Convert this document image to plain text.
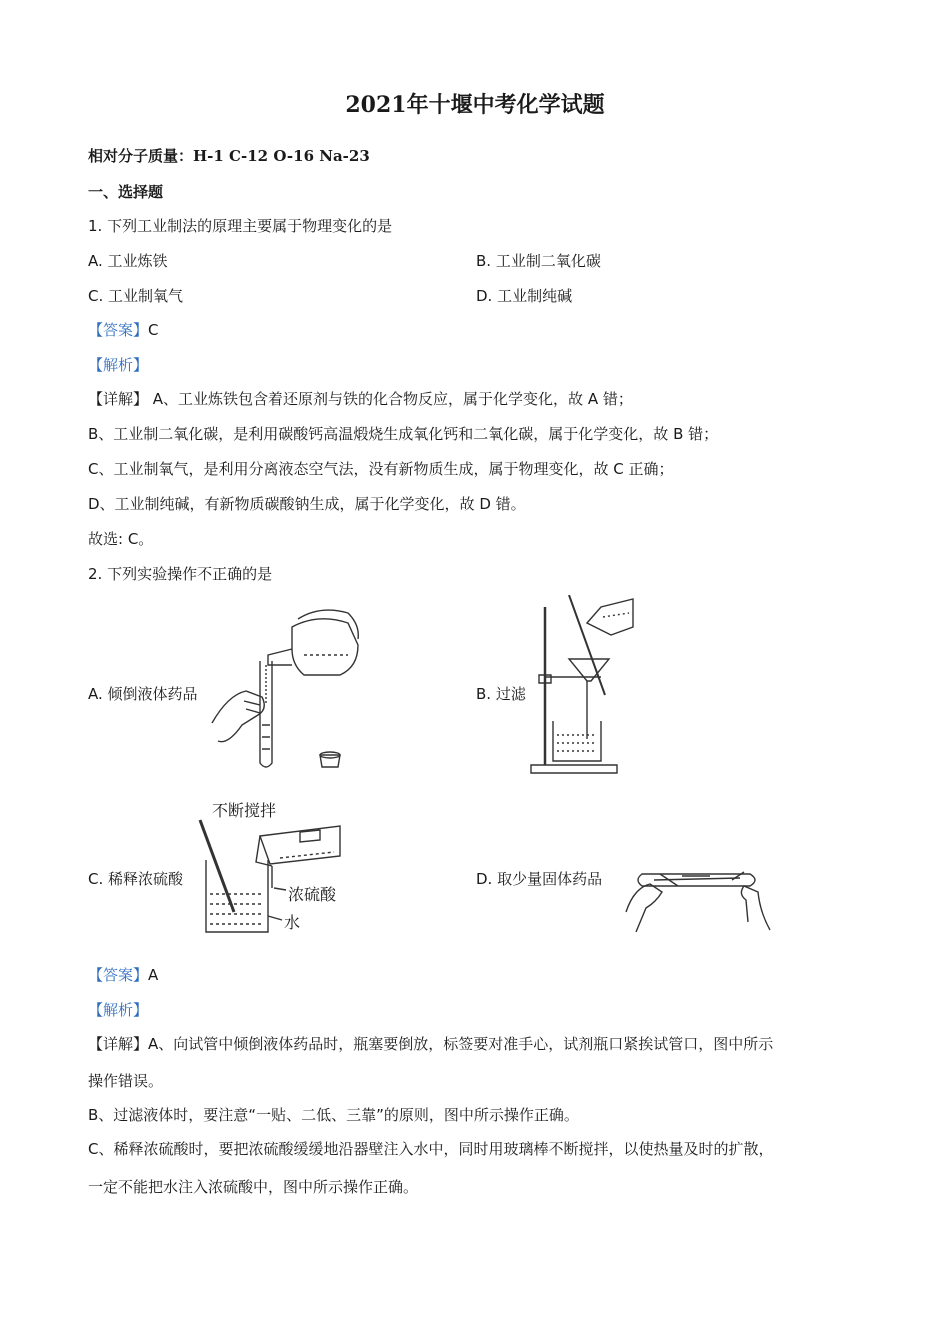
2021年十堰中考化学试题
相对分子质量：H-1 C-12 O-16 Na-23
一、选择题
1. 下列工业制法的原理主要属于物理变化的是
A. 工业炼铁	B. 工业制二氧化碳
C. 工业制氧气	D. 工业制纯碱
【答案】C
【解析】
【详解】 A、工业炼铁包含着还原剂与铁的化合物反应，属于化学变化，故 A 错；
B、工业制二氧化碳，是利用碳酸钙高温煅烧生成氧化钙和二氧化碳，属于化学变化，故 B 错；
C、工业制氧气，是利用分离液态空气法，没有新物质生成，属于物理变化，故 C 正确；
D、工业制纯碱，有新物质碳酸钠生成，属于化学变化，故 D 错。
故选: C。
2. 下列实验操作不正确的是
A. 倾倒液体药品	B. 过滤
C. 稀释浓硫酸	D. 取少量固体药品
不断搅拌
浓硫酸
水
【答案】A
【解析】
【详解】A、向试管中倾倒液体药品时，瓶塞要倒放，标签要对准手心，试剂瓶口紧挨试管口，图中所示
操作错误。
B、过滤液体时，要注意“一贴、二低、三靠”的原则，图中所示操作正确。
C、稀释浓硫酸时，要把浓硫酸缓缓地沿器壁注入水中，同时用玻璃棒不断搅拌，以使热量及时的扩散，
一定不能把水注入浓硫酸中，图中所示操作正确。
